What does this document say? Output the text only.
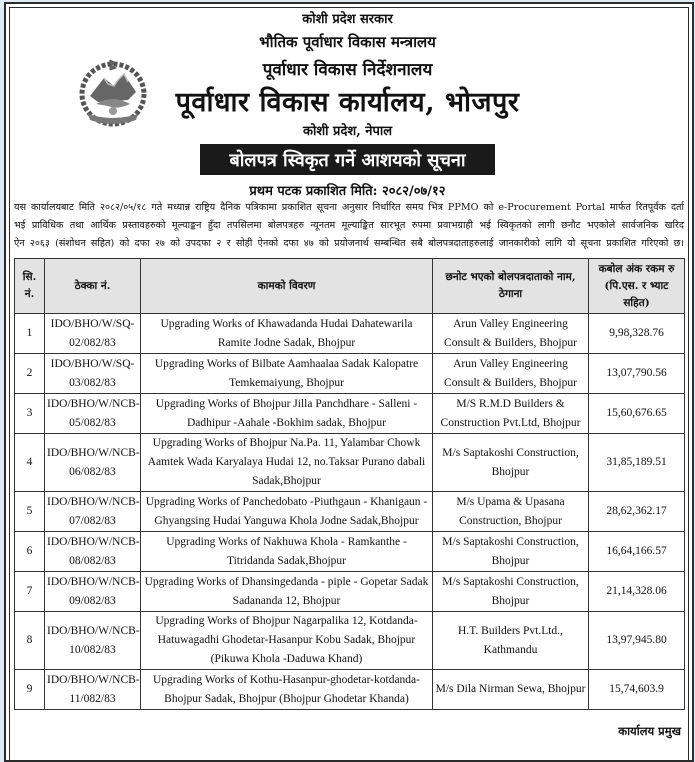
कोशी प्रदेश सरकार
भौतिक पूर्वाधार विकास मन्त्रालय
पूर्वाधार विकास निर्देशनालय
पूर्वाधार विकास कार्यालय, भोजपुर
कोशी प्रदेश, नेपाल
बोलपत्र स्विकृत गर्ने आशयको सूचना
प्रथम पटक प्रकाशित मिति: २०८२/०७/१२

यस कार्यालयबाट मिति २०८२/०५/१८ गते मध्यान्न राष्ट्रिय दैनिक पत्रिकामा प्रकाशित सूचना अनुसार निर्धारित समय भित्र PPMO को e-Procurement Portal मार्फत रितपूर्वक दर्ता

भई प्राविधिक तथा आर्थिक प्रस्तावहरुको मूल्याङ्कन हुँदा तपसिलमा बोलपत्रहरु न्यूनतम मूल्याङ्कित सारभूत रुपमा प्रवाभग्राही भई स्विकृतको लागी छनौट भएकोले सार्वजनिक खरिद

ऐन २०६३ (संशोधन सहित) को दफा २७ को उपदफा २ र सोही ऐनको दफा ४७ को प्रयोजनार्थ सम्बन्धित सबै बोलपत्रदाताहरुलाई जानकारीको लागि यो सूचना प्रकाशित गरिएको छ।

सि. नं.	ठेक्का नं.	कामको विवरण	छनोट भएको बोलपत्रदाताको नाम, ठेगाना	कबोल अंक रकम रु (पि.एस. र भ्याट सहित)
1	IDO/BHO/W/SQ-02/082/83	Upgrading Works of Khawadanda Hudai Dahatewarila Ramite Jodne Sadak, Bhojpur	Arun Valley Engineering Consult & Builders, Bhojpur	9,98,328.76
2	IDO/BHO/W/SQ-03/082/83	Upgrading Works of Bilbate Aamhaalaa Sadak Kalopatre Temkemaiyung, Bhojpur	Arun Valley Engineering Consult & Builders, Bhojpur	13,07,790.56
3	IDO/BHO/W/NCB-05/082/83	Upgrading Works of Bhojpur Jilla Panchdhare - Salleni -Dadhipur -Aahale -Bokhim sadak, Bhojpur	M/S R.M.D Builders & Construction Pvt.Ltd, Bhojpur	15,60,676.65
4	IDO/BHO/W/NCB-06/082/83	Upgrading Works of Bhojpur Na.Pa. 11, Yalambar Chowk Aamtek Wada Karyalaya Hudai 12, no.Taksar Purano dabali Sadak,Bhojpur	M/s Saptakoshi Construction, Bhojpur	31,85,189.51
5	IDO/BHO/W/NCB-07/082/83	Upgrading Works of Panchedobato -Piuthgaun - Khanigaun - Ghyangsing Hudai Yanguwa Khola Jodne Sadak,Bhojpur	M/s Upama & Upasana Construction, Bhojpur	28,62,362.17
6	IDO/BHO/W/NCB-08/082/83	Upgrading Works of Nakhuwa Khola - Ramkanthe - Titridanda Sadak,Bhojpur	M/s Saptakoshi Construction, Bhojpur	16,64,166.57
7	IDO/BHO/W/NCB-09/082/83	Upgrading Works of Dhansingedanda - piple - Gopetar Sadak Sadananda 12, Bhojpur	M/s Saptakoshi Construction, Bhojpur	21,14,328.06
8	IDO/BHO/W/NCB-10/082/83	Upgrading Works of Bhojpur Nagarpalika 12, Kotdanda-Hatuwagadhi Ghodetar-Hasanpur Kobu Sadak, Bhojpur (Pikuwa Khola -Daduwa Khand)	H.T. Builders Pvt.Ltd., Kathmandu	13,97,945.80
9	IDO/BHO/W/NCB-11/082/83	Upgrading Works of Kothu-Hasanpur-ghodetar-kotdanda-Bhojpur Sadak, Bhojpur (Bhojpur Ghodetar Khanda)	M/s Dila Nirman Sewa, Bhojpur	15,74,603.9
कार्यालय प्रमुख
